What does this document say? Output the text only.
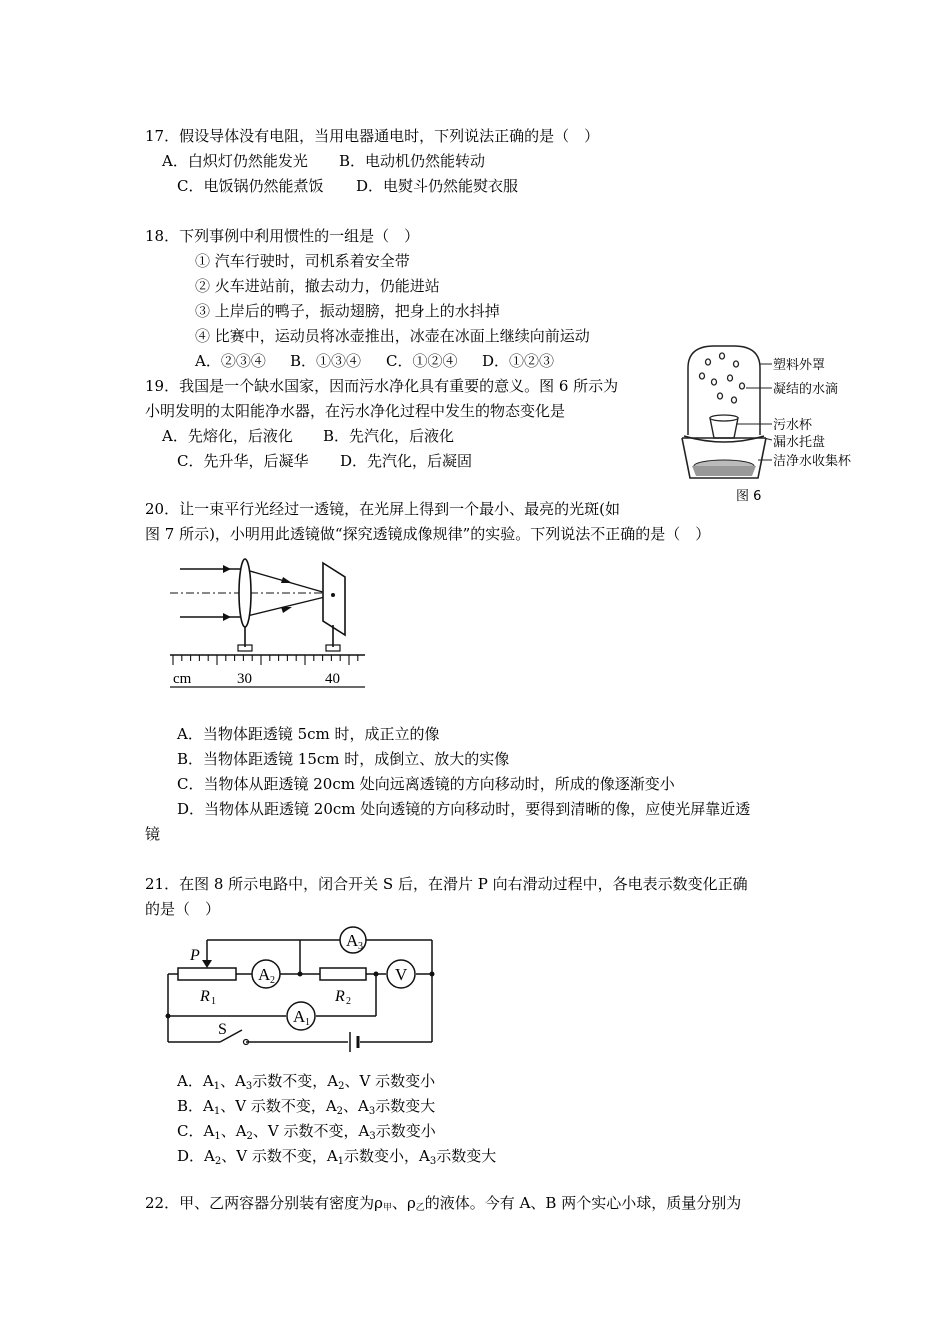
17．假设导体没有电阻，当用电器通电时，下列说法正确的是（　）
A．白炽灯仍然能发光 B．电动机仍然能转动
C．电饭锅仍然能煮饭 D．电熨斗仍然能熨衣服
18．下列事例中利用惯性的一组是（　）
① 汽车行驶时，司机系着安全带
② 火车进站前，撤去动力，仍能进站
③ 上岸后的鸭子，振动翅膀，把身上的水抖掉
④ 比赛中，运动员将冰壶推出，冰壶在冰面上继续向前运动
A．②③④ B．①③④ C．①②④ D．①②③
19．我国是一个缺水国家，因而污水净化具有重要的意义。图 6 所示为
小明发明的太阳能净水器，在污水净化过程中发生的物态变化是
A．先熔化，后液化 B．先汽化，后液化
C．先升华，后凝华 D．先汽化，后凝固
塑料外罩
凝结的水滴
污水杯
漏水托盘
洁净水收集杯
图 6
20．让一束平行光经过一透镜，在光屏上得到一个最小、最亮的光斑(如
图 7 所示)，小明用此透镜做“探究透镜成像规律”的实验。下列说法不正确的是（　）
cm	30	40
A．当物体距透镜 5cm 时，成正立的像
B．当物体距透镜 15cm 时，成倒立、放大的实像
C．当物体从距透镜 20cm 处向远离透镜的方向移动时，所成的像逐渐变小
D．当物体从距透镜 20cm 处向透镜的方向移动时，要得到清晰的像，应使光屏靠近透
镜
21．在图 8 所示电路中，闭合开关 S 后，在滑片 P 向右滑动过程中，各电表示数变化正确
的是（　）
A 3
A 2	V
A 1
P
R 1	R 2
S
A．$A_1$、$A_3$示数不变，$A_2$、V 示数变小
B．$A_1$、V 示数不变，$A_2$、$A_3$示数变大
C．$A_1$、$A_2$、V 示数不变，$A_3$示数变小
D．$A_2$、V 示数不变，$A_1$示数变小，$A_3$示数变大
22．甲、乙两容器分别装有密度为ρ甲、ρ乙的液体。今有 A、B 两个实心小球，质量分别为
